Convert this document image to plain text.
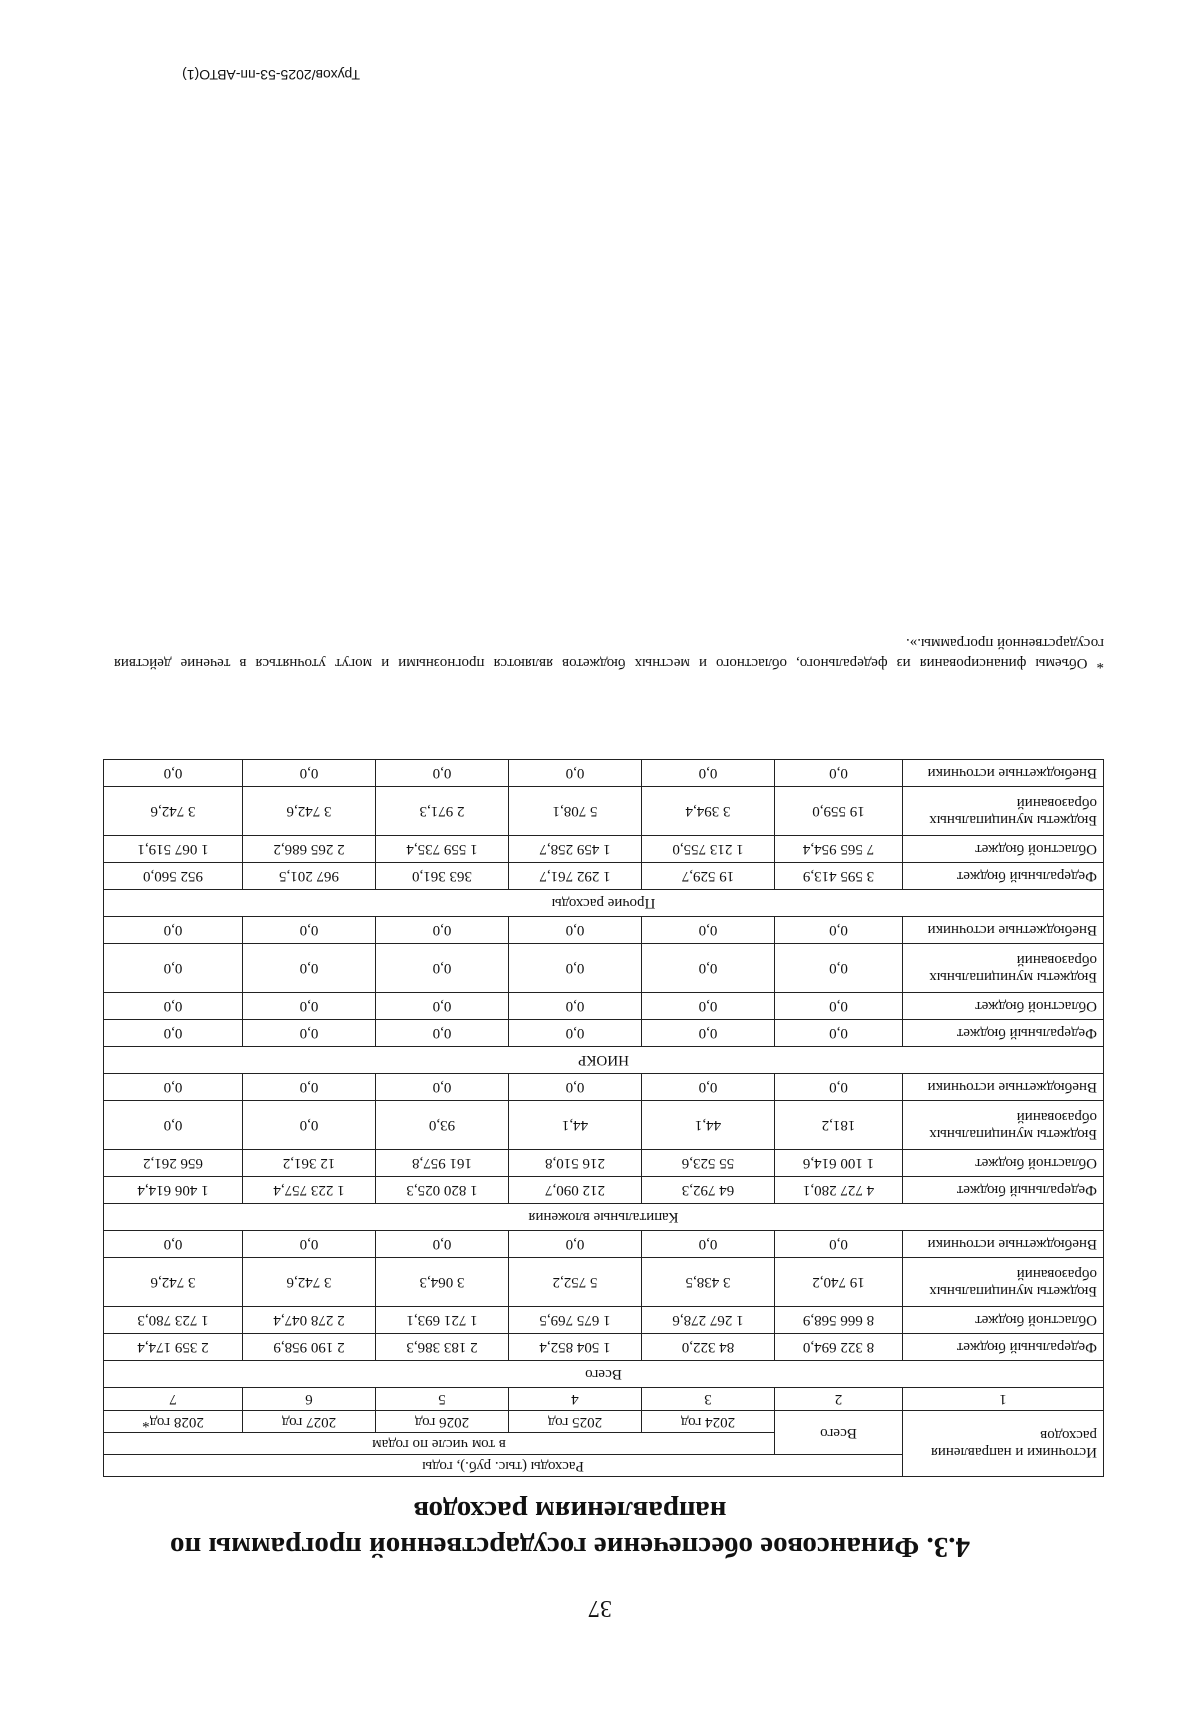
37
4.3. Финансовое обеспечение государственной программы по направлениям расходов
Источники и направления расходов	Расходы (тыс. руб.), годы					
	Всего	в том числе по годам				
		2024 год	2025 год	2026 год	2027 год	2028 год*
1	2	3	4	5	6	7
Всего						
Федеральный бюджет	8 322 694,0	84 322,0	1 504 852,4	2 183 386,3	2 190 958,9	2 359 174,4
Областной бюджет	8 666 568,9	1 267 278,6	1 675 769,5	1 721 693,1	2 278 047,4	1 723 780,3
Бюджеты муниципальных образований	19 740,2	3 438,5	5 752,2	3 064,3	3 742,6	3 742,6
Внебюджетные источники	0,0	0,0	0,0	0,0	0,0	0,0
Капитальные вложения						
Федеральный бюджет	4 727 280,1	64 792,3	212 090,7	1 820 025,3	1 223 757,4	1 406 614,4
Областной бюджет	1 100 614,6	55 523,6	216 510,8	161 957,8	12 361,2	656 261,2
Бюджеты муниципальных образований	181,2	44,1	44,1	93,0	0,0	0,0
Внебюджетные источники	0,0	0,0	0,0	0,0	0,0	0,0
НИОКР						
Федеральный бюджет	0,0	0,0	0,0	0,0	0,0	0,0
Областной бюджет	0,0	0,0	0,0	0,0	0,0	0,0
Бюджеты муниципальных образований	0,0	0,0	0,0	0,0	0,0	0,0
Внебюджетные источники	0,0	0,0	0,0	0,0	0,0	0,0
Прочие расходы						
Федеральный бюджет	3 595 413,9	19 529,7	1 292 761,7	363 361,0	967 201,5	952 560,0
Областной бюджет	7 565 954,4	1 213 755,0	1 459 258,7	1 559 735,4	2 265 686,2	1 067 519,1
Бюджеты муниципальных образований	19 559,0	3 394,4	5 708,1	2 971,3	3 742,6	3 742,6
Внебюджетные источники	0,0	0,0	0,0	0,0	0,0	0,0
* Объемы финансирования из федерального, областного и местных бюджетов являются прогнозными и могут уточняться в течение действия государственной программы.».
Трухов/2025-53-пп-АВТО(1)
